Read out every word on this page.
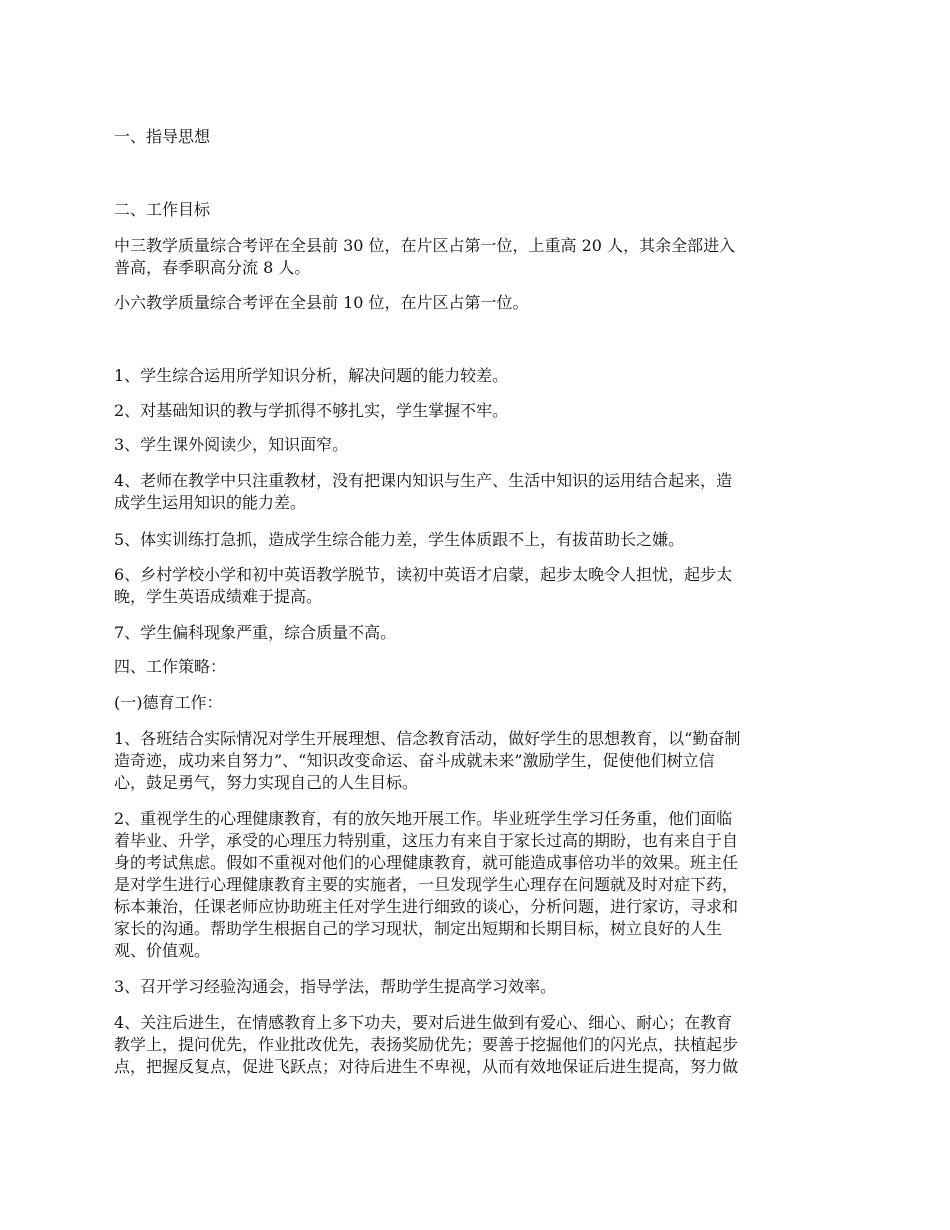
一、指导思想

二、工作目标

中三教学质量综合考评在全县前 30 位，在片区占第一位，上重高 20 人，其余全部进入
普高，春季职高分流 8 人。

小六教学质量综合考评在全县前 10 位，在片区占第一位。

1、学生综合运用所学知识分析，解决问题的能力较差。

2、对基础知识的教与学抓得不够扎实，学生掌握不牢。

3、学生课外阅读少，知识面窄。

4、老师在教学中只注重教材，没有把课内知识与生产、生活中知识的运用结合起来，造
成学生运用知识的能力差。

5、体实训练打急抓，造成学生综合能力差，学生体质跟不上，有拔苗助长之嫌。

6、乡村学校小学和初中英语教学脱节，读初中英语才启蒙，起步太晚令人担忧，起步太
晚，学生英语成绩难于提高。

7、学生偏科现象严重，综合质量不高。

四、工作策略：

(一)德育工作：

1、各班结合实际情况对学生开展理想、信念教育活动，做好学生的思想教育，以“勤奋制
造奇迹，成功来自努力”、“知识改变命运、奋斗成就未来”激励学生，促使他们树立信
心，鼓足勇气，努力实现自己的人生目标。

2、重视学生的心理健康教育，有的放矢地开展工作。毕业班学生学习任务重，他们面临
着毕业、升学，承受的心理压力特别重，这压力有来自于家长过高的期盼，也有来自于自
身的考试焦虑。假如不重视对他们的心理健康教育，就可能造成事倍功半的效果。班主任
是对学生进行心理健康教育主要的实施者，一旦发现学生心理存在问题就及时对症下药，
标本兼治，任课老师应协助班主任对学生进行细致的谈心，分析问题，进行家访，寻求和
家长的沟通。帮助学生根据自己的学习现状，制定出短期和长期目标，树立良好的人生
观、价值观。

3、召开学习经验沟通会，指导学法，帮助学生提高学习效率。

4、关注后进生，在情感教育上多下功夫，要对后进生做到有爱心、细心、耐心；在教育
教学上，提问优先，作业批改优先，表扬奖励优先；要善于挖掘他们的闪光点，扶植起步
点，把握反复点，促进飞跃点；对待后进生不卑视，从而有效地保证后进生提高，努力做
